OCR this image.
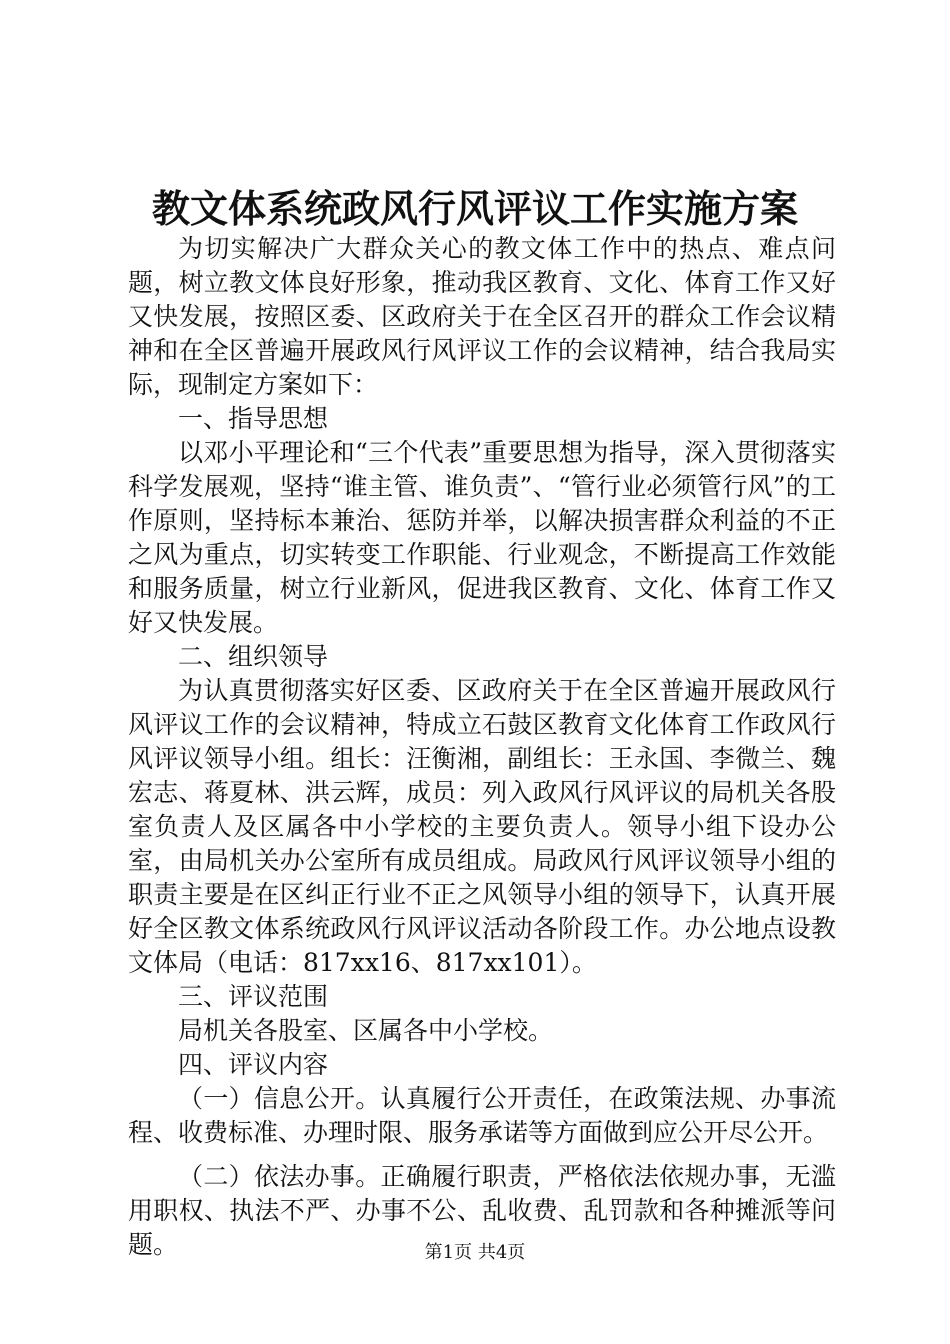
教文体系统政风行风评议工作实施方案

为切实解决广大群众关心的教文体工作中的热点、难点问题，树立教文体良好形象，推动我区教育、文化、体育工作又好又快发展，按照区委、区政府关于在全区召开的群众工作会议精神和在全区普遍开展政风行风评议工作的会议精神，结合我局实际，现制定方案如下：

一、指导思想

以邓小平理论和“三个代表”重要思想为指导，深入贯彻落实科学发展观，坚持“谁主管、谁负责”、“管行业必须管行风”的工作原则，坚持标本兼治、惩防并举，以解决损害群众利益的不正之风为重点，切实转变工作职能、行业观念，不断提高工作效能和服务质量，树立行业新风，促进我区教育、文化、体育工作又好又快发展。

二、组织领导

为认真贯彻落实好区委、区政府关于在全区普遍开展政风行风评议工作的会议精神，特成立石鼓区教育文化体育工作政风行风评议领导小组。组长：汪衡湘，副组长：王永国、李微兰、魏宏志、蒋夏林、洪云辉，成员：列入政风行风评议的局机关各股室负责人及区属各中小学校的主要负责人。领导小组下设办公室，由局机关办公室所有成员组成。局政风行风评议领导小组的职责主要是在区纠正行业不正之风领导小组的领导下，认真开展好全区教文体系统政风行风评议活动各阶段工作。办公地点设教文体局（电话：817xx16、817xx101）。

三、评议范围

局机关各股室、区属各中小学校。

四、评议内容

（一）信息公开。认真履行公开责任，在政策法规、办事流程、收费标准、办理时限、服务承诺等方面做到应公开尽公开。

（二）依法办事。正确履行职责，严格依法依规办事，无滥用职权、执法不严、办事不公、乱收费、乱罚款和各种摊派等问题。	第1页 共4页
